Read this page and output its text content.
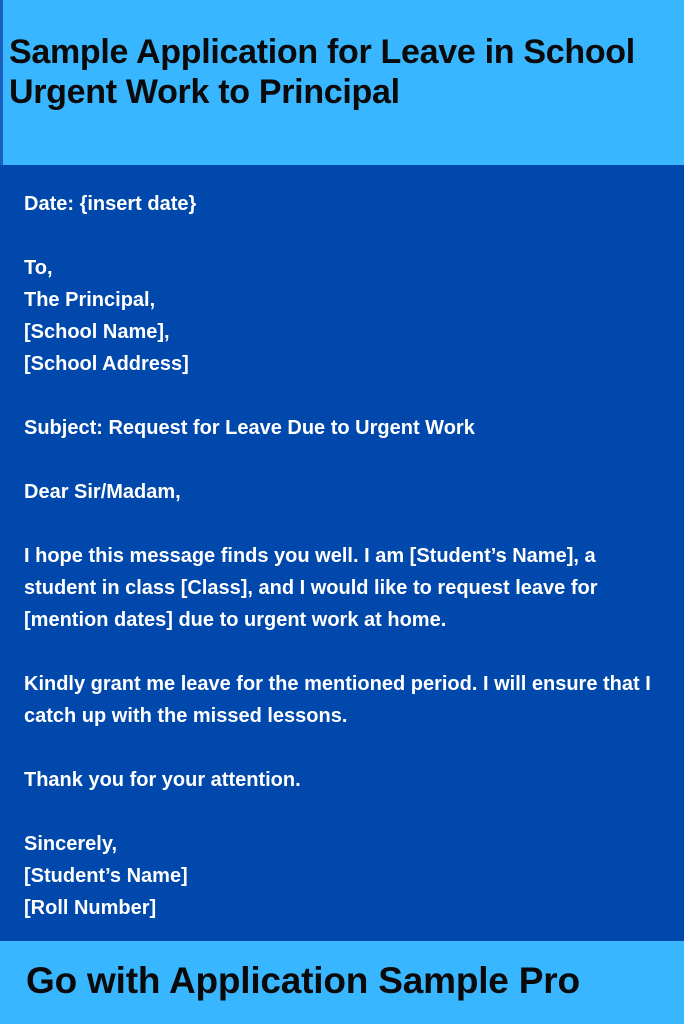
Sample Application for Leave in School
Urgent Work to Principal

Date: {insert date}

To,
The Principal,
[School Name],
[School Address]

Subject: Request for Leave Due to Urgent Work

Dear Sir/Madam,

I hope this message finds you well. I am [Student’s Name], a student in class [Class], and I would like to request leave for [mention dates] due to urgent work at home.

Kindly grant me leave for the mentioned period. I will ensure that I catch up with the missed lessons.

Thank you for your attention.

Sincerely,
[Student’s Name]
[Roll Number]

Go with Application Sample Pro
